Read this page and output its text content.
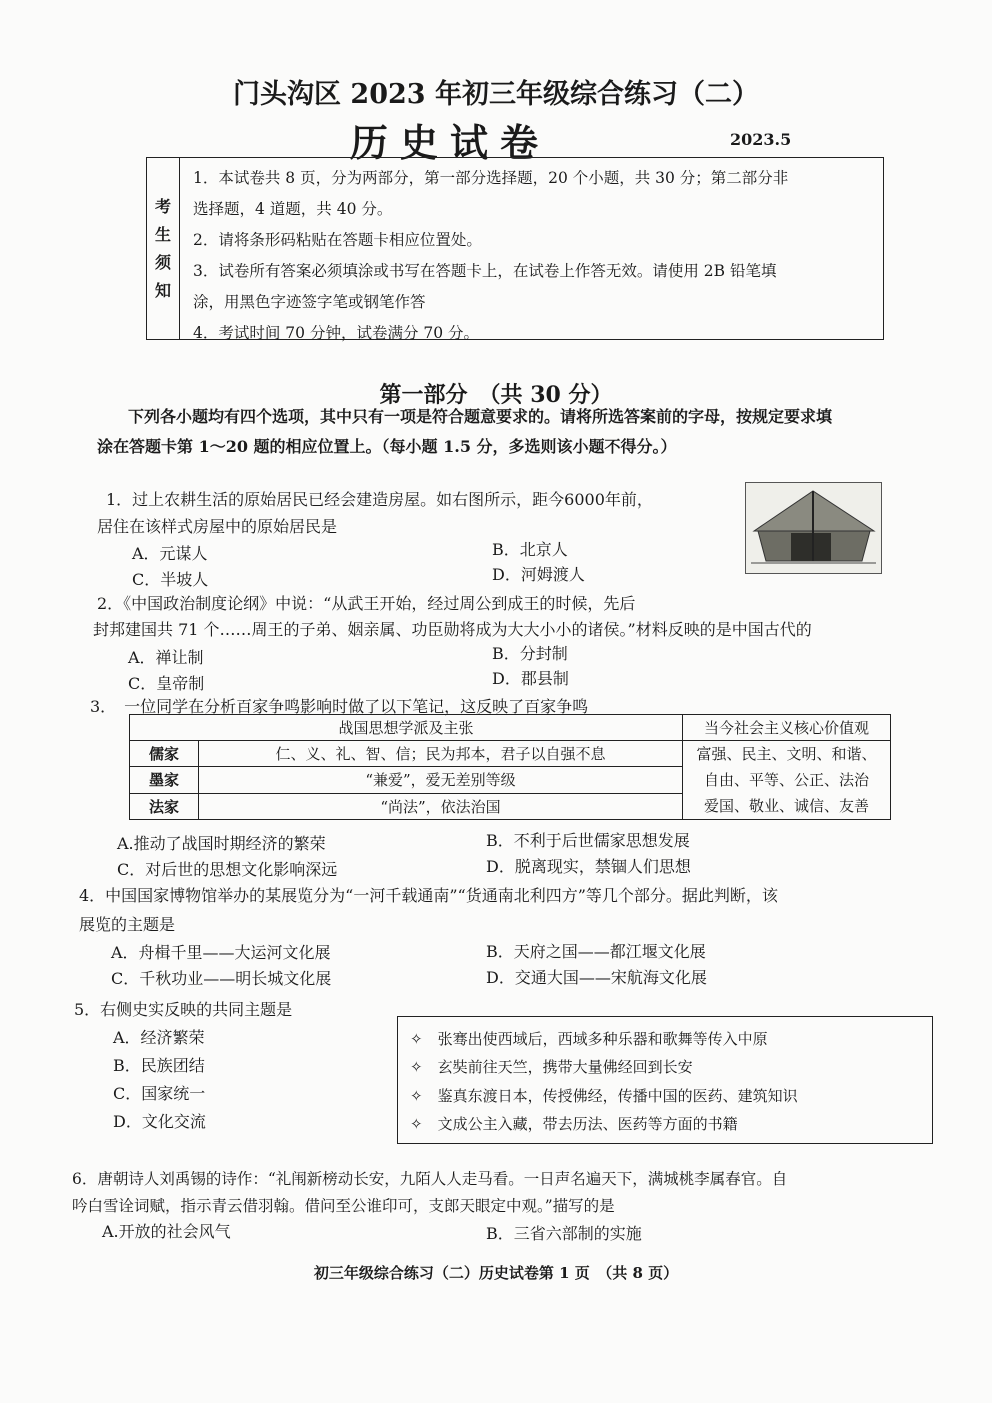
门头沟区 2023 年初三年级综合练习（二）
历史试卷	2023.5
考
生
须
知
1．本试卷共 8 页，分为两部分，第一部分选择题，20 个小题，共 30 分；第二部分非
选择题，4 道题，共 40 分。
2．请将条形码粘贴在答题卡相应位置处。
3．试卷所有答案必须填涂或书写在答题卡上，在试卷上作答无效。请使用 2B 铅笔填
涂，用黑色字迹签字笔或钢笔作答
4．考试时间 70 分钟，试卷满分 70 分。
第一部分　（共 30 分）
下列各小题均有四个选项，其中只有一项是符合题意要求的。请将所选答案前的字母，按规定要求填
涂在答题卡第 1～20 题的相应位置上。（每小题 1.5 分，多选则该小题不得分。）
1．过上农耕生活的原始居民已经会建造房屋。如右图所示，距今6000年前，
居住在该样式房屋中的原始居民是
A．元谋人	B．北京人
C．半坡人	D．河姆渡人
2．《中国政治制度论纲》中说：“从武王开始，经过周公到成王的时候，先后
封邦建国共 71 个……周王的子弟、姻亲属、功臣勋将成为大大小小的诸侯。”材料反映的是中国古代的
A．禅让制	B．分封制
C．皇帝制	D．郡县制
3．　一位同学在分析百家争鸣影响时做了以下笔记，这反映了百家争鸣
战国思想学派及主张		当今社会主义核心价值观
儒家	仁、义、礼、智、信；民为邦本，君子以自强不息	富强、民主、文明、和谐、
自由、平等、公正、法治
爱国、敬业、诚信、友善

墨家	“兼爱”，爱无差别等级	
法家	“尚法”，依法治国	
A.推动了战国时期经济的繁荣	B．不利于后世儒家思想发展
C．对后世的思想文化影响深远	D．脱离现实，禁锢人们思想
4．中国国家博物馆举办的某展览分为“一河千载通南”“货通南北利四方”等几个部分。据此判断，该
展览的主题是
A．舟楫千里——大运河文化展	B．天府之国——都江堰文化展
C．千秋功业——明长城文化展	D．交通大国——宋航海文化展
5．右侧史实反映的共同主题是
A．经济繁荣
B．民族团结
C．国家统一
D．文化交流
✧　张骞出使西域后，西域多种乐器和歌舞等传入中原
✧　玄奘前往天竺，携带大量佛经回到长安
✧　鉴真东渡日本，传授佛经，传播中国的医药、建筑知识
✧　文成公主入藏，带去历法、医药等方面的书籍
6．唐朝诗人刘禹锡的诗作：“礼闱新榜动长安，九陌人人走马看。一日声名遍天下，满城桃李属春官。自
吟白雪诠词赋，指示青云借羽翰。借问至公谁印可，支郎天眼定中观。”描写的是
A.开放的社会风气	B．三省六部制的实施
初三年级综合练习（二）历史试卷第 1 页　（共 8 页）
